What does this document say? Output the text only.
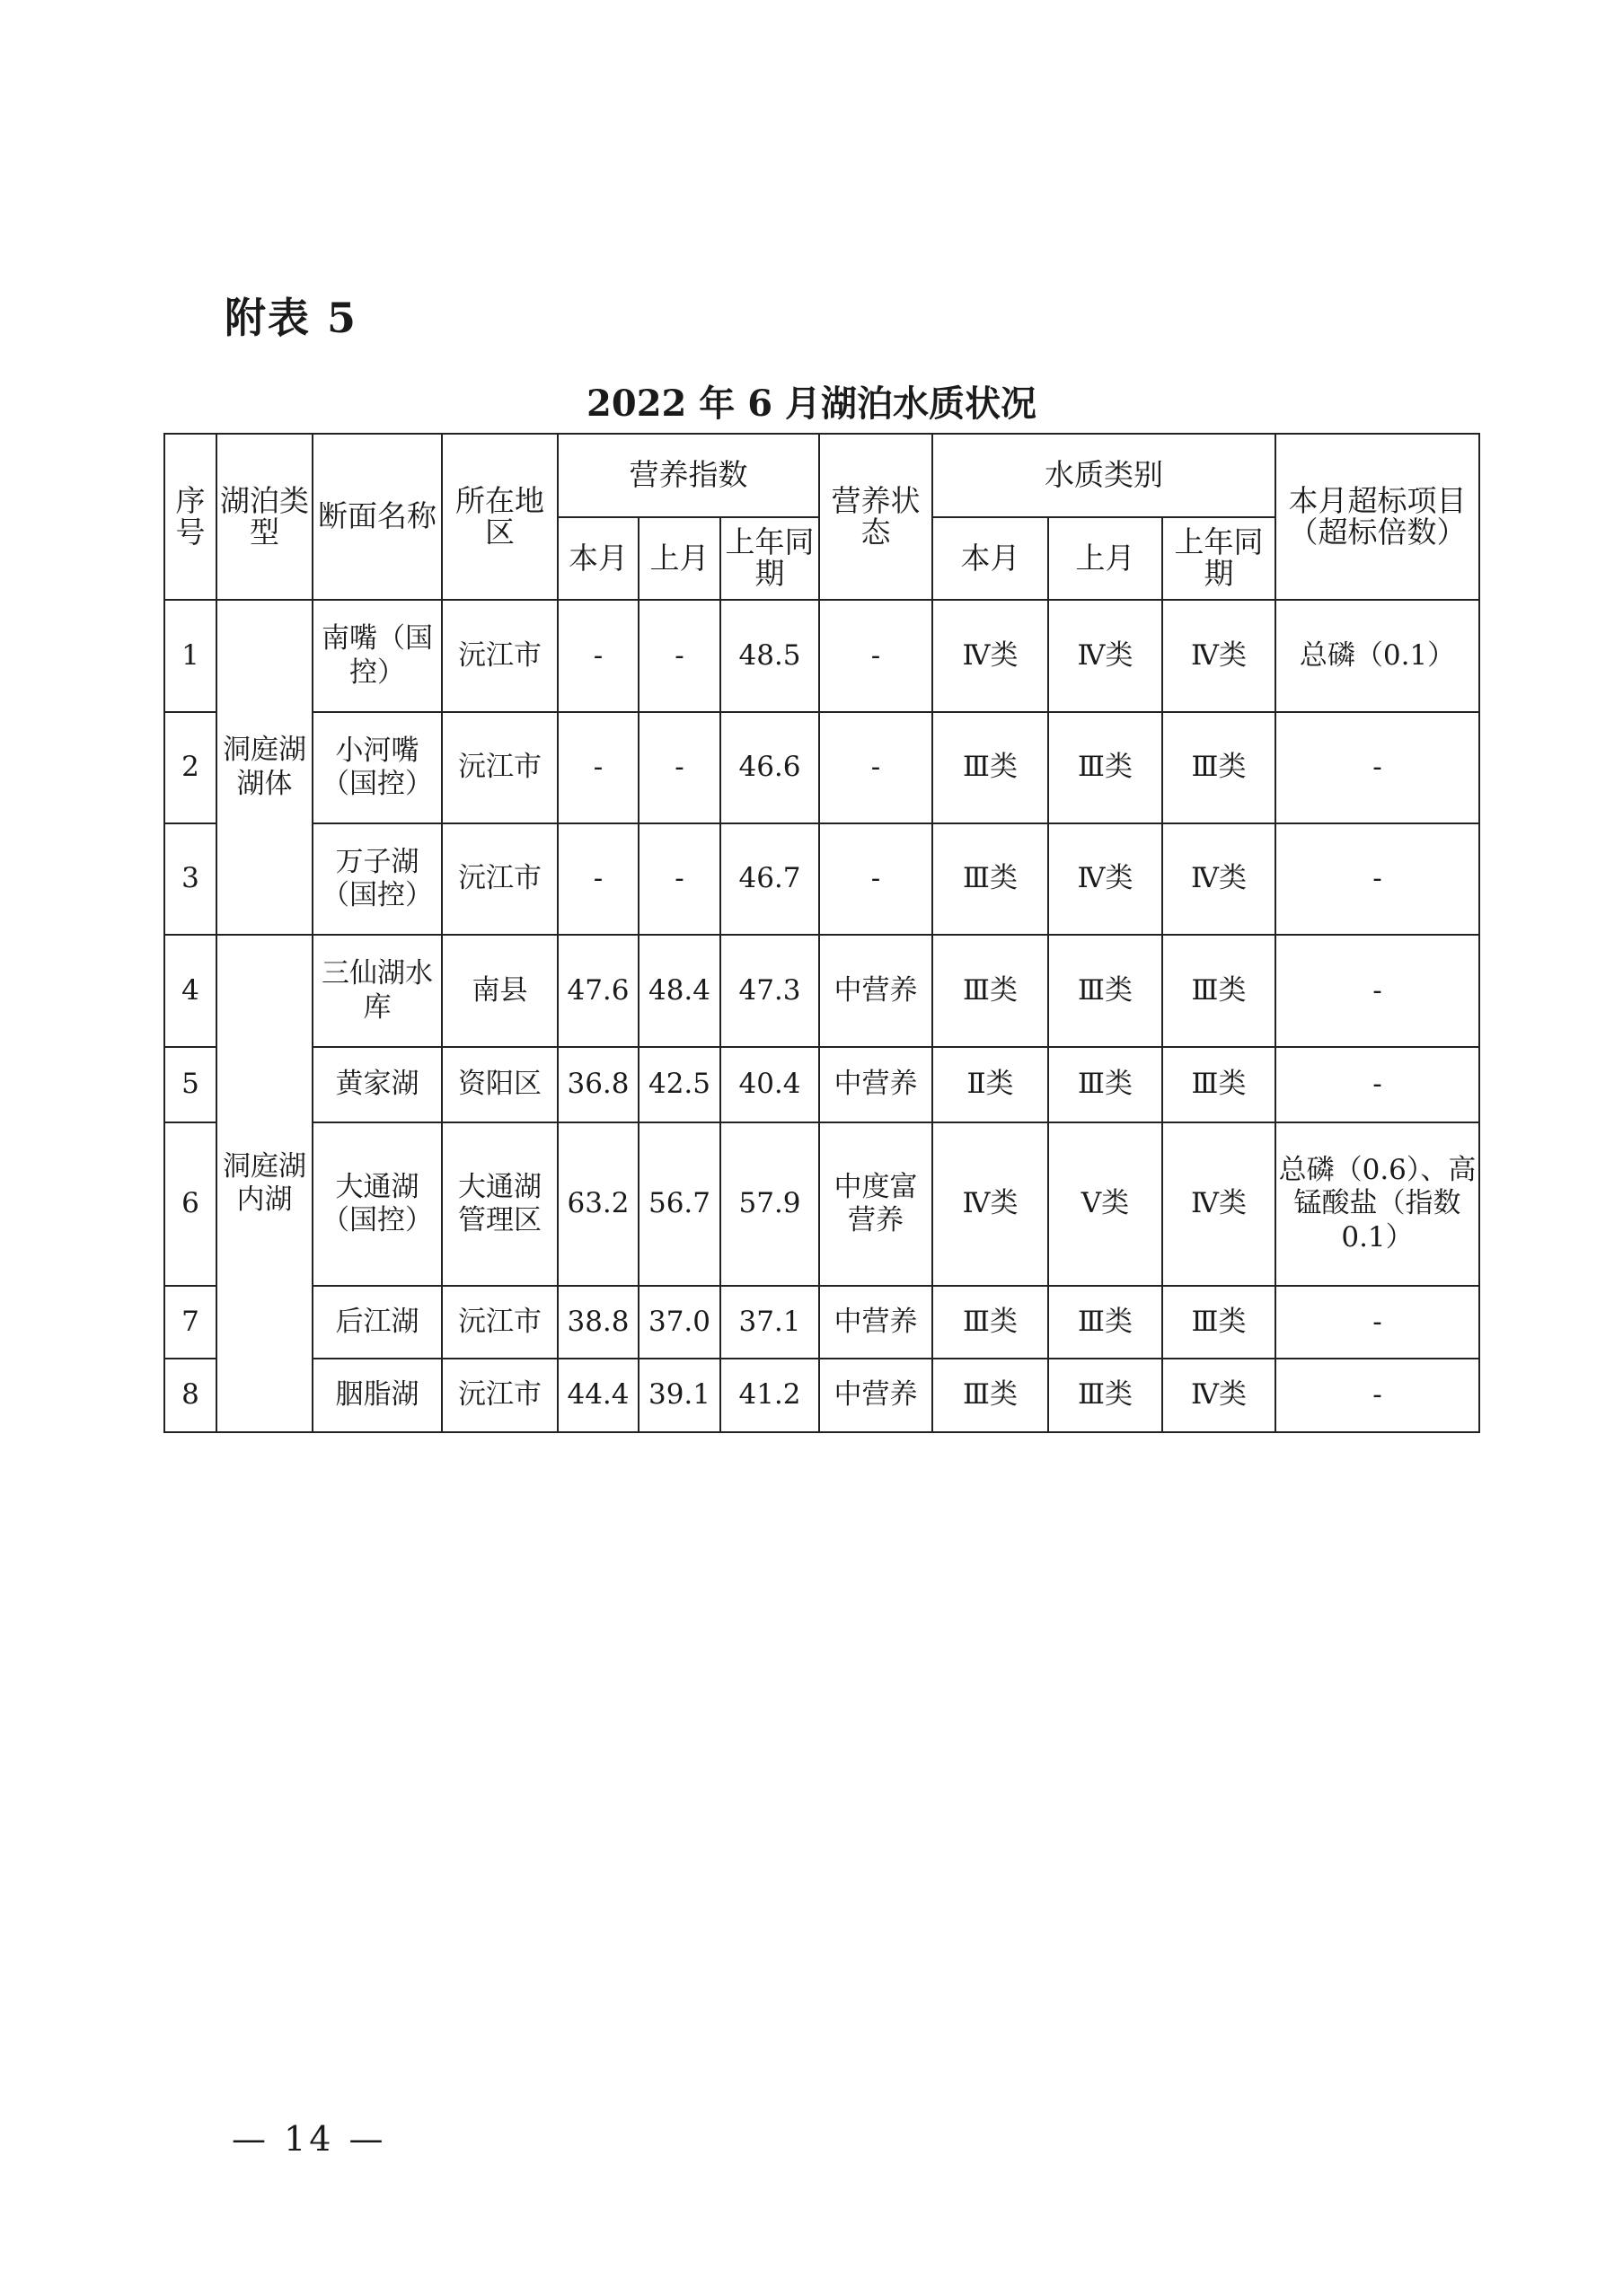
附表 5
2022 年 6 月湖泊水质状况
序号	湖泊类型	断面名称	所在地区	营养指数			营养状态	水质类别			本月超标项目（超标倍数）
				本月	上月	上年同期		本月	上月	上年同期	
1	洞庭湖湖体	南嘴（国控）	沅江市	-	-	48.5	-	Ⅳ类	Ⅳ类	Ⅳ类	总磷（0.1）
2		小河嘴（国控）	沅江市	-	-	46.6	-	Ⅲ类	Ⅲ类	Ⅲ类	-
3		万子湖（国控）	沅江市	-	-	46.7	-	Ⅲ类	Ⅳ类	Ⅳ类	-
4	洞庭湖内湖	三仙湖水库	南县	47.6	48.4	47.3	中营养	Ⅲ类	Ⅲ类	Ⅲ类	-
5		黄家湖	资阳区	36.8	42.5	40.4	中营养	Ⅱ类	Ⅲ类	Ⅲ类	-
6		大通湖（国控）	大通湖管理区	63.2	56.7	57.9	中度富营养	Ⅳ类	Ⅴ类	Ⅳ类	总磷（0.6）、高锰酸盐（指数 0.1）
7		后江湖	沅江市	38.8	37.0	37.1	中营养	Ⅲ类	Ⅲ类	Ⅲ类	-
8		胭脂湖	沅江市	44.4	39.1	41.2	中营养	Ⅲ类	Ⅲ类	Ⅳ类	-
— 14 —
